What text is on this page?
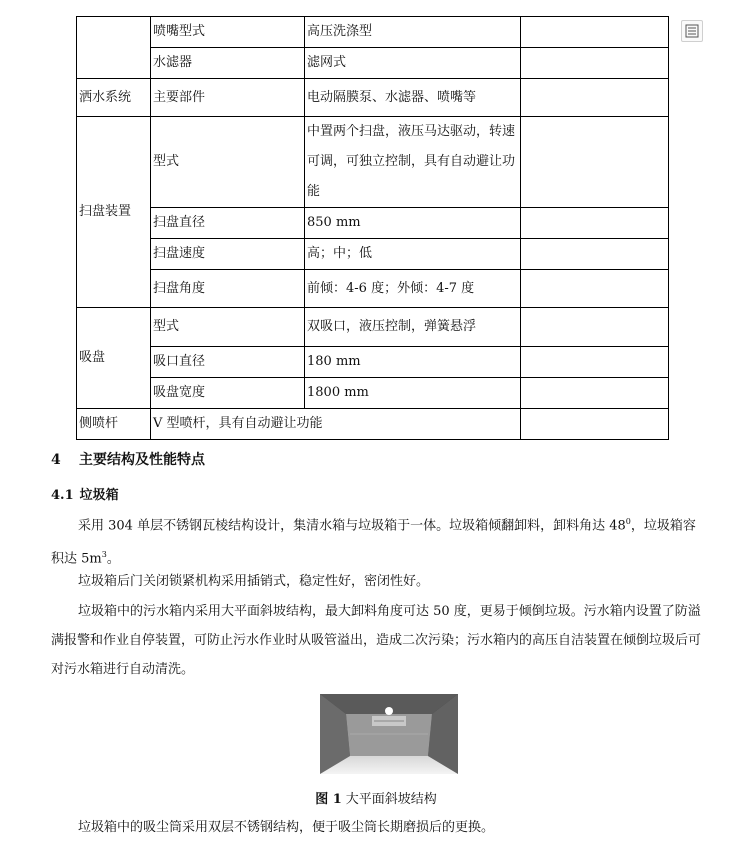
	喷嘴型式	高压洗涤型	
	水滤器	滤网式	
洒水系统	主要部件	电动隔膜泵、水滤器、喷嘴等	
扫盘装置	型式	中置两个扫盘，液压马达驱动，转速可调，可独立控制，具有自动避让功能	
	扫盘直径	850 mm	
	扫盘速度	高；中；低	
	扫盘角度	前倾：4-6 度；外倾：4-7 度	
吸盘	型式	双吸口，液压控制，弹簧悬浮	
	吸口直径	180 mm	
	吸盘宽度	1800 mm	
侧喷杆	V 型喷杆，具有自动避让功能		
4 主要结构及性能特点
4.1 垃圾箱

采用 304 单层不锈钢瓦棱结构设计，集清水箱与垃圾箱于一体。垃圾箱倾翻卸料，卸料角达 $48^0$，垃圾箱容积达 $5m^3$。

垃圾箱后门关闭锁紧机构采用插销式，稳定性好，密闭性好。

垃圾箱中的污水箱内采用大平面斜坡结构，最大卸料角度可达 50 度，更易于倾倒垃圾。污水箱内设置了防溢满报警和作业自停装置，可防止污水作业时从吸管溢出，造成二次污染；污水箱内的高压自洁装置在倾倒垃圾后可对污水箱进行自动清洗。

图 1 大平面斜坡结构

垃圾箱中的吸尘筒采用双层不锈钢结构，便于吸尘筒长期磨损后的更换。
